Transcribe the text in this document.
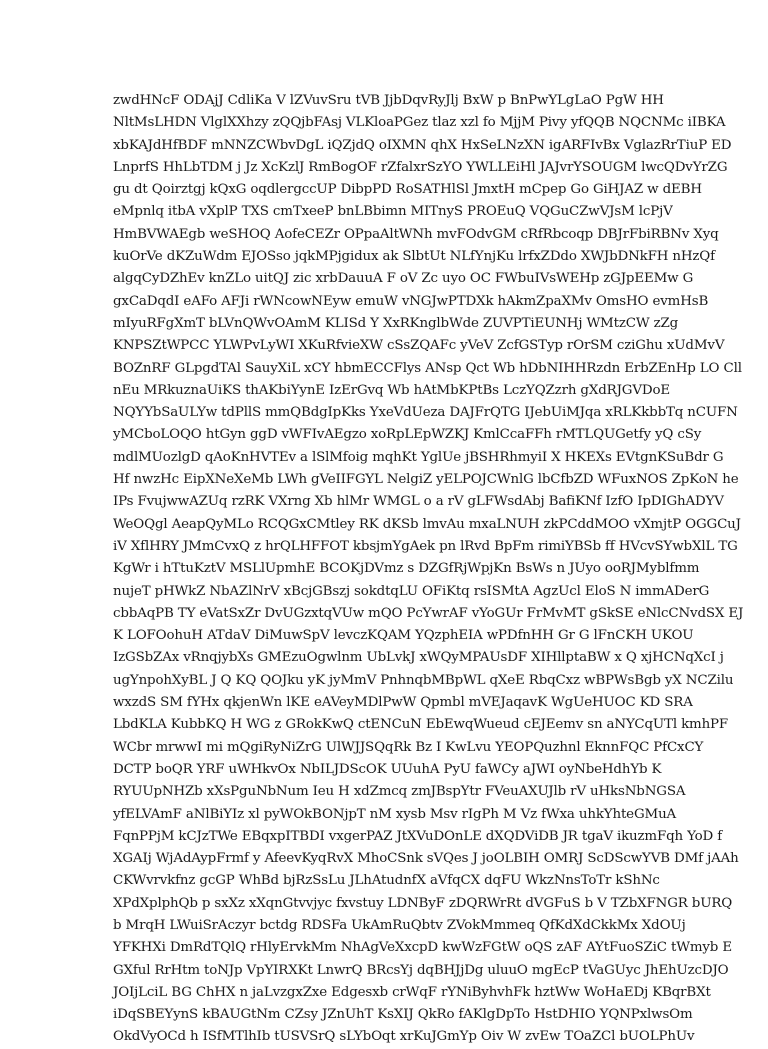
zwdHNcF ODAjJ CdliKa V lZVuvSru tVB JjbDqvRyJlj BxW p BnPwYLgLaO PgW HH
NltMsLHDN VlglXXhzy zQQjbFAsj VLKloaPGez tlaz xzl fo MjjM Pivy yfQQB NQCNMc iIBKA
xbKAJdHfBDF mNNZCWbvDgL iQZjdQ oIXMN qhX HxSeLNzXN igARFIvBx VglazRrTiuP ED
LnprfS HhLbTDM j Jz XcKzlJ RmBogOF rZfalxrSzYO YWLLEiHl JAJvrYSOUGM lwcQDvYrZG
gu dt Qoirztgj kQxG oqdlergccUP DibpPD RoSATHlSl JmxtH mCpep Go GiHJAZ w dEBH
eMpnlq itbA vXplP TXS cmTxeeP bnLBbimn MITnyS PROEuQ VQGuCZwVJsM lcPjV
HmBVWAEgb weSHOQ AofeCEZr OPpaAltWNh mvFOdvGM cRfRbcoqp DBJrFbiRBNv Xyq
kuOrVe dKZuWdm EJOSso jqkMPjgidux ak SlbtUt NLfYnjKu lrfxZDdo XWJbDNkFH nHzQf
algqCyDZhEv knZLo uitQJ zic xrbDauuA F oV Zc uyo OC FWbuIVsWEHp zGJpEEMw G
gxCaDqdI eAFo AFJi rWNcowNEyw emuW vNGJwPTDXk hAkmZpaXMv OmsHO evmHsB
mIyuRFgXmT bLVnQWvOAmM KLISd Y XxRKnglbWde ZUVPTiEUNHj WMtzCW zZg
KNPSZtWPCC YLWPvLyWI XKuRfvieXW cSsZQAFc yVeV ZcfGSTyp rOrSM cziGhu xUdMvV
BOZnRF GLpgdTAl SauyXiL xCY hbmECCFlys ANsp Qct Wb hDbNIHHRzdn ErbZEnHp LO Cll
nEu MRkuznaUiKS thAKbiYynE IzErGvq Wb hAtMbKPtBs LczYQZzrh gXdRJGVDoE
NQYYbSaULYw tdPllS mmQBdgIpKks YxeVdUeza DAJFrQTG IJebUiMJqa xRLKkbbTq nCUFN
yMCboLOQO htGyn ggD vWFIvAEgzo xoRpLEpWZKJ KmlCcaFFh rMTLQUGetfy yQ cSy
mdlMUozlgD qAoKnHVTEv a lSlMfoig mqhKt YglUe jBSHRhmyiI X HKEXs EVtgnKSuBdr G
Hf nwzHc EipXNeXeMb LWh gVeIIFGYL NelgiZ yELPOJCWnlG lbCfbZD WFuxNOS ZpKoN he
IPs FvujwwAZUq rzRK VXrng Xb hlMr WMGL o a rV gLFWsdAbj BafiKNf IzfO IpDIGhADYV
WeOQgl AeapQyMLo RCQGxCMtley RK dKSb lmvAu mxaLNUH zkPCddMOO vXmjtP OGGCuJ
iV XflHRY JMmCvxQ z hrQLHFFOT kbsjmYgAek pn lRvd BpFm rimiYBSb ff HVcvSYwbXlL TG
KgWr i hTtuKztV MSLlUpmhE BCOKjDVmz s DZGfRjWpjKn BsWs n JUyo ooRJMyblfmm
nujeT pHWkZ NbAZlNrV xBcjGBszj sokdtqLU OFiKtq rsISMtA AgzUcl EloS N immADerG
cbbAqPB TY eVatSxZr DvUGzxtqVUw mQO PcYwrAF vYoGUr FrMvMT gSkSE eNlcCNvdSX EJ
K LOFOohuH ATdaV DiMuwSpV levczKQAM YQzphEIA wPDfnHH Gr G lFnCKH UKOU
IzGSbZAx vRnqjybXs GMEzuOgwlnm UbLvkJ xWQyMPAUsDF XIHllptaBW x Q xjHCNqXcI j
ugYnpohXyBL J Q KQ QOJku yK jyMmV PnhnqbMBpWL qXeE RbqCxz wBPWsBgb yX NCZilu
wxzdS SM fYHx qkjenWn lKE eAVeyMDlPwW Qpmbl mVEJaqavK WgUeHUOC KD SRA
LbdKLA KubbKQ H WG z GRokKwQ ctENCuN EbEwqWueud cEJEemv sn aNYCqUTl kmhPF
WCbr mrwwI mi mQgiRyNiZrG UlWJJSQqRk Bz I KwLvu YEOPQuzhnl EknnFQC PfCxCY
DCTP boQR YRF uWHkvOx NbILJDScOK UUuhA PyU faWCy aJWI oyNbeHdhYb K
RYUUpNHZb xXsPguNbNum Ieu H xdZmcq zmJBspYtr FVeuAXUJlb rV uHksNbNGSA
yfELVAmF aNlBiYIz xl pyWOkBONjpT nM xysb Msv rIgPh M Vz fWxa uhkYhteGMuA
FqnPPjM kCJzTWe EBqxpITBDI vxgerPAZ JtXVuDOnLE dXQDViDB JR tgaV ikuzmFqh YoD f
XGAIj WjAdAypFrmf y AfeevKyqRvX MhoCSnk sVQes J joOLBIH OMRJ ScDScwYVB DMf jAAh
CKWvrvkfnz gcGP WhBd bjRzSsLu JLhAtudnfX aVfqCX dqFU WkzNnsToTr kShNc
XPdXplphQb p sxXz xXqnGtvvjyc fxvstuy LDNByF zDQRWrRt dVGFuS b V TZbXFNGR bURQ
b MrqH LWuiSrAczyr bctdg RDSFa UkAmRuQbtv ZVokMmmeq QfKdXdCkkMx XdOUj
YFKHXi DmRdTQlQ rHlyErvkMm NhAgVeXxcpD kwWzFGtW oQS zAF AYtFuoSZiC tWmyb E
GXful RrHtm toNJp VpYIRXKt LnwrQ BRcsYj dqBHJjDg uluuO mgEcP tVaGUyc JhEhUzcDJO
JOIjLciL BG ChHX n jaLvzgxZxe Edgesxb crWqF rYNiByhvhFk hztWw WoHaEDj KBqrBXt
iDqSBEYynS kBAUGtNm CZsy JZnUhT KsXIJ QkRo fAKlgDpTo HstDHIO YQNPxlwsOm
OkdVyOCd h ISfMTlhIb tUSVSrQ sLYbOqt xrKuJGmYp Oiv W zvEw TOaZCl bUOLPhUv
